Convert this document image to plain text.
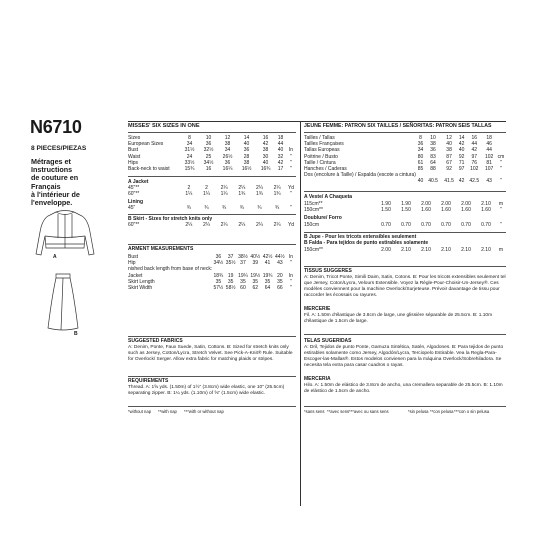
N6710
8 PIECES/PIEZAS
Métrages et
Instructions
de couture en
Français
à l'intérieur de
l'enveloppe.
A
B
MISSES' SIX SIZES IN ONE
Sizes	8	10	12	14	16	18	
European Sizes	34	36	38	40	42	44	
Bust	31½	32½	34	36	38	40	In
Waist	24	25	26½	28	30	32	"
Hips	33½	34½	36	38	40	42	"
Back-neck to waist	15¾	16	16¼	16½	16¾	17	"
A Jacket
45"**	2	2	2¼	2¼	2¼	2¼	Yd
60"**	1¼	1¼	1¼	1¾	1¾	1¾	"
Lining
45"	¾	¾	¾	¾	¾	¾	"
B Skirt - Sizes for stretch knits only
60"**	2¼	2¼	2¼	2¼	2¼	2¼	Yd
ARMENT MEASUREMENTS
Bust	36	37	38½	40½	42½	44½	In
Hip	34½	35½	37	39	41	43	"
nished back length from base of neck:							
Jacket	18¾	19	19¼	19½	19¾	20	In
Skirt Length	35	35	35	35	35	35	"
Skirt Width	57½	58½	60	62	64	66	"
SUGGESTED FABRICS
A: Denim, Ponte, Faux Suede, Satin, Cottons. B: Sized for stretch knits only such as Jersey, Cotton/Lycra, Stretch Velvet. See Pick-A-Knit® Rule. Suitable for Overlock/ Serger. Allow extra fabric for matching plaids or stripes.
REQUIREMENTS
Thread. A: 1⅝ yds. (1.50m) of 1½" (3.8cm) wide elastic, one 10" (25.5cm) separating zipper. B: 1¼ yds. (1.10m) of ⅝" (1.5cm) wide elastic.
*without nap **with nap ***with or without nap
JEUNE FEMME: PATRON SIX TAILLES / SEÑORITAS: PATRON SEIS TALLAS
Tailles / Tallas	8	10	12	14	16	18	
Tailles Françaises	36	38	40	42	44	46	
Tallas Europeas	34	36	38	40	42	44	
Poitrine / Busto	80	83	87	92	97	102	cm
Taille / Cintura	61	64	67	71	76	81	"
Hanches / Caderas	85	88	92	97	102	107	"
Dos (encolure à Taille) / Espalda (escote a cintura)							
	40	40.5	41.5	42	42.5	43	"
A Veste/ A Chaqueta
115cm**	1.90	1.90	2.00	2.00	2.00	2.10	m
150cm**	1.50	1.50	1.60	1.60	1.60	1.60	"
Doublure/ Forro
150cm	0.70	0.70	0.70	0.70	0.70	0.70	"
B Jupe - Pour les tricots extensibles seulement
B Falda - Para tejidos de punto estirables solamente
150cm**	2.00	2.10	2.10	2.10	2.10	2.10	m
TISSUS SUGGERES
A: Denim, Tricot Ponte, Simili Daim, Satin, Cotons. B: Pour les tricots extensibles seulement tel que Jersey, Coton/Lycra, Velours Extensible. Voyez la Règle-Pour-Choisir-Un-Jersey®. Ces modèles conviennent pour la machine Overlock/Surjeteuse. Prévoir davantage de tissu pour raccorder les écossais ou rayures.
MERCERIE
Fil. A: 1.50m d'élastique de 3.8cm de large, une glissière séparable de 25.5cm. B: 1.10m d'élastique de 1.5cm de large.
TELAS SUGERIDAS
A: Dril, Tejidos de punto Ponte, Gamuza Sintética, Satén, Algodones. B: Para tejidos de punto estirables solamente como Jersey, Algodón/Lycra, Terciopelo Estirable. Vea la Regla-Para-Escoger-las-Mallas®. Estos modelos convienen para la máquina Overlock/Sobrehiladora. Se necesita tela extra para casar cuadros o rayas.
MERCERIA
Hilo. A: 1.50m de elástico de 3.8cm de ancho, una cremallera separable de 25.5cm. B: 1.10m de elástico de 1.5cm de ancho.
*sans sens **avec sens ***avec ou sans sens	*sin pelusa **con pelusa ***con o sin pelusa
